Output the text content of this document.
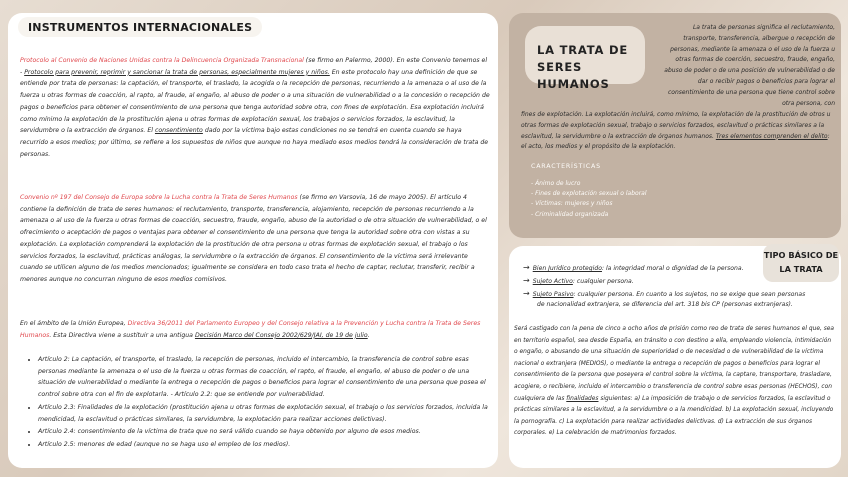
INSTRUMENTOS INTERNACIONALES

Protocolo al Convenio de Naciones Unidas contra la Delincuencia Organizada Transnacional (se firmo en Palermo, 2000). En este Convenio tenemos el - Protocolo para prevenir, reprimir y sancionar la trata de personas, especialmente mujeres y niños. En este protocolo hay una definición de que se entiende por trata de personas: la captación, el transporte, el traslado, la acogida o la recepción de personas, recurriendo a la amenaza o al uso de la fuerza u otras formas de coacción, al rapto, al fraude, al engaño, al abuso de poder o a una situación de vulnerabilidad o a la concesión o recepción de pagos o beneficios para obtener el consentimiento de una persona que tenga autoridad sobre otra, con fines de explotación. Esa explotación incluirá como mínimo la explotación de la prostitución ajena u otras formas de explotación sexual, los trabajos o servicios forzados, la esclavitud, la servidumbre o la extracción de órganos. El consentimiento dado por la víctima bajo estas condiciones no se tendrá en cuenta cuando se haya recurrido a esos medios; por último, se refiere a los supuestos de niños que aunque no haya mediado esos medios tendrá la consideración de trata de personas.

Convenio nº 197 del Consejo de Europa sobre la Lucha contra la Trata de Seres Humanos (se firmo en Varsovia, 16 de mayo 2005). El artículo 4 contiene la definición de trata de seres humanos: el reclutamiento, transporte, transferencia, alojamiento, recepción de personas recurriendo a la amenaza o al uso de la fuerza u otras formas de coacción, secuestro, fraude, engaño, abuso de la autoridad o de otra situación de vulnerabilidad, o el ofrecimiento o aceptación de pagos o ventajas para obtener el consentimiento de una persona que tenga la autoridad sobre otra con vistas a su explotación. La explotación comprenderá la explotación de la prostitución de otra persona u otras formas de explotación sexual, el trabajo o los servicios forzados, la esclavitud, prácticas análogas, la servidumbre o la extracción de órganos. El consentimiento de la víctima será irrelevante cuando se utilicen alguno de los medios mencionados; igualmente se considera en todo caso trata el hecho de captar, reclutar, transferir, recibir a menores aunque no concurran ninguno de esos medios comisivos.

En el ámbito de la Unión Europea, Directiva 36/2011 del Parlamento Europeo y del Consejo relativa a la Prevención y Lucha contra la Trata de Seres Humanos. Esta Directiva viene a sustituir a una antigua Decisión Marco del Consejo 2002/629/JAI, de 19 de julio.

• Artículo 2: La captación, el transporte, el traslado, la recepción de personas, incluido el intercambio, la transferencia de control sobre esas personas mediante la amenaza o el uso de la fuerza u otras formas de coacción, el rapto, el fraude, el engaño, el abuso de poder o de una situación de vulnerabilidad o mediante la entrega o recepción de pagos o beneficios para lograr el consentimiento de una persona que posea el control sobre otra con el fin de explotarla. - Artículo 2.2: que se entiende por vulnerabilidad.
• Artículo 2.3: Finalidades de la explotación (prostitución ajena u otras formas de explotación sexual, el trabajo o los servicios forzados, incluida la mendicidad, la esclavitud o prácticas similares, la servidumbre, la explotación para realizar acciones delictivas).
• Artículo 2.4: consentimiento de la víctima de trata que no será válido cuando se haya obtenido por alguno de esos medios.
• Artículo 2.5: menores de edad (aunque no se haga uso el empleo de los medios).
LA TRATA DE SERES HUMANOS

La trata de personas significa el reclutamiento, transporte, transferencia, albergue o recepción de personas, mediante la amenaza o el uso de la fuerza u otras formas de coerción, secuestro, fraude, engaño, abuso de poder o de una posición de vulnerabilidad o de dar o recibir pagos o beneficios para lograr el consentimiento de una persona que tiene control sobre otra persona, con

fines de explotación. La explotación incluirá, como mínimo, la explotación de la prostitución de otros u otras formas de explotación sexual, trabajo o servicios forzados, esclavitud o prácticas similares a la esclavitud, la servidumbre o la extracción de órganos humanos. Tres elementos comprenden el delito: el acto, los medios y el propósito de la explotación.

CARACTERÍSTICAS
- Ánimo de lucro
- Fines de explotación sexual o laboral
- Víctimas: mujeres y niños
- Criminalidad organizada
TIPO BÁSICO DE LA TRATA
→ Bien Jurídico protegido: la integridad moral o dignidad de la persona.
→ Sujeto Activo: cualquier persona.
→ Sujeto Pasivo: cualquier persona. En cuanto a los sujetos, no se exige que sean personas

de nacionalidad extranjera, se diferencia del art. 318 bis CP (personas extranjeras).

Será castigado con la pena de cinco a ocho años de prisión como reo de trata de seres humanos el que, sea en territorio español, sea desde España, en tránsito o con destino a ella, empleando violencia, intimidación o engaño, o abusando de una situación de superioridad o de necesidad o de vulnerabilidad de la víctima nacional o extranjera (MEDIOS), o mediante la entrega o recepción de pagos o beneficios para lograr el consentimiento de la persona que poseyera el control sobre la víctima, la captare, transportare, trasladare, acogiere, o recibiere, incluido el intercambio o transferencia de control sobre esas personas (HECHOS), con cualquiera de las finalidades siguientes: a) La imposición de trabajo o de servicios forzados, la esclavitud o prácticas similares a la esclavitud, a la servidumbre o a la mendicidad. b) La explotación sexual, incluyendo la pornografía. c) La explotación para realizar actividades delictivas. d) La extracción de sus órganos corporales. e) La celebración de matrimonios forzados.
